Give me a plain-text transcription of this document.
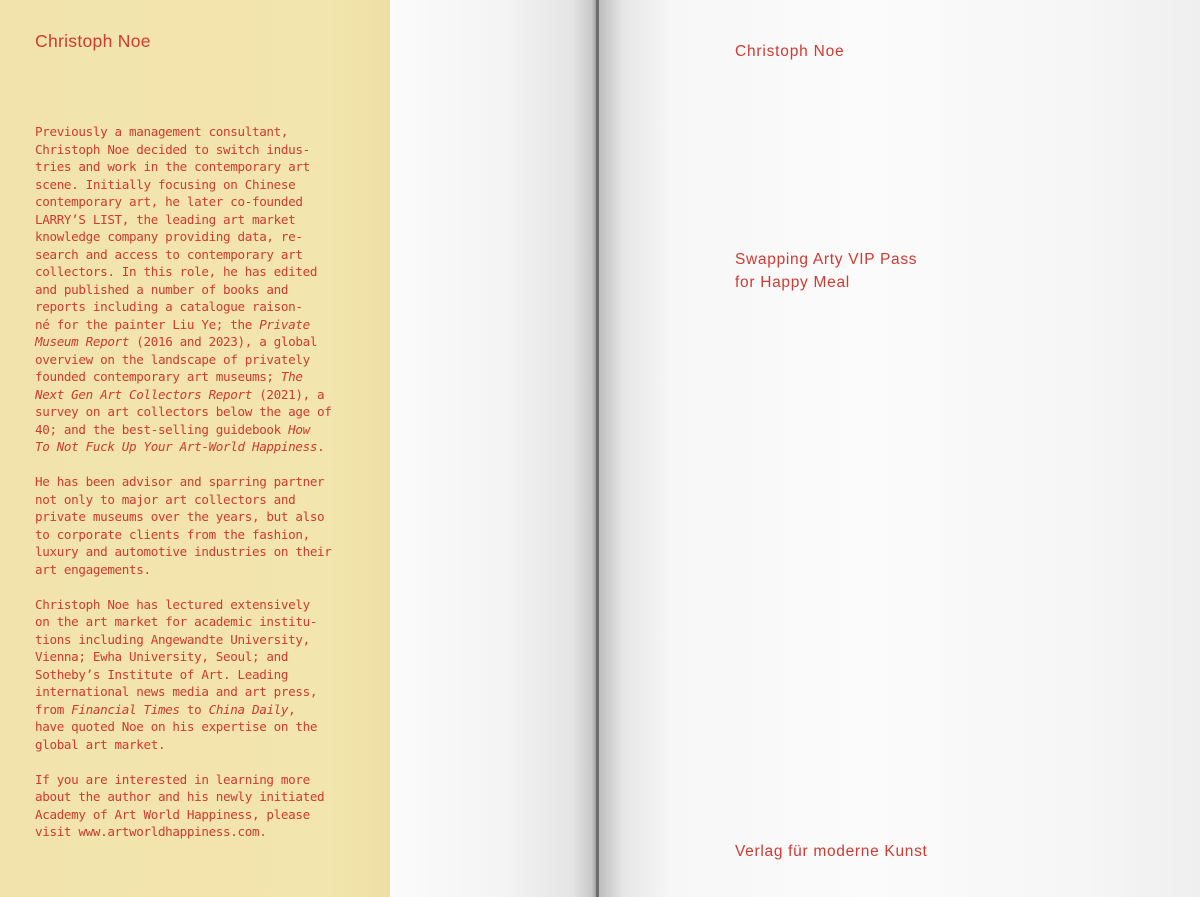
Christoph Noe
Previously a management consultant,
Christoph Noe decided to switch indus-
tries and work in the contemporary art
scene. Initially focusing on Chinese
contemporary art, he later co-founded
LARRY’S LIST, the leading art market
knowledge company providing data, re-
search and access to contemporary art
collectors. In this role, he has edited
and published a number of books and
reports including a catalogue raison-
né for the painter Liu Ye; the Private
Museum Report (2016 and 2023), a global
overview on the landscape of privately
founded contemporary art museums; The
Next Gen Art Collectors Report (2021), a
survey on art collectors below the age of
40; and the best-selling guidebook How
To Not Fuck Up Your Art-World Happiness.
He has been advisor and sparring partner
not only to major art collectors and
private museums over the years, but also
to corporate clients from the fashion,
luxury and automotive industries on their
art engagements.
Christoph Noe has lectured extensively
on the art market for academic institu-
tions including Angewandte University,
Vienna; Ewha University, Seoul; and
Sotheby’s Institute of Art. Leading
international news media and art press,
from Financial Times to China Daily,
have quoted Noe on his expertise on the
global art market.
If you are interested in learning more
about the author and his newly initiated
Academy of Art World Happiness, please
visit www.artworldhappiness.com.

Christoph Noe

Swapping Arty VIP Pass
for Happy Meal

Verlag für moderne Kunst
